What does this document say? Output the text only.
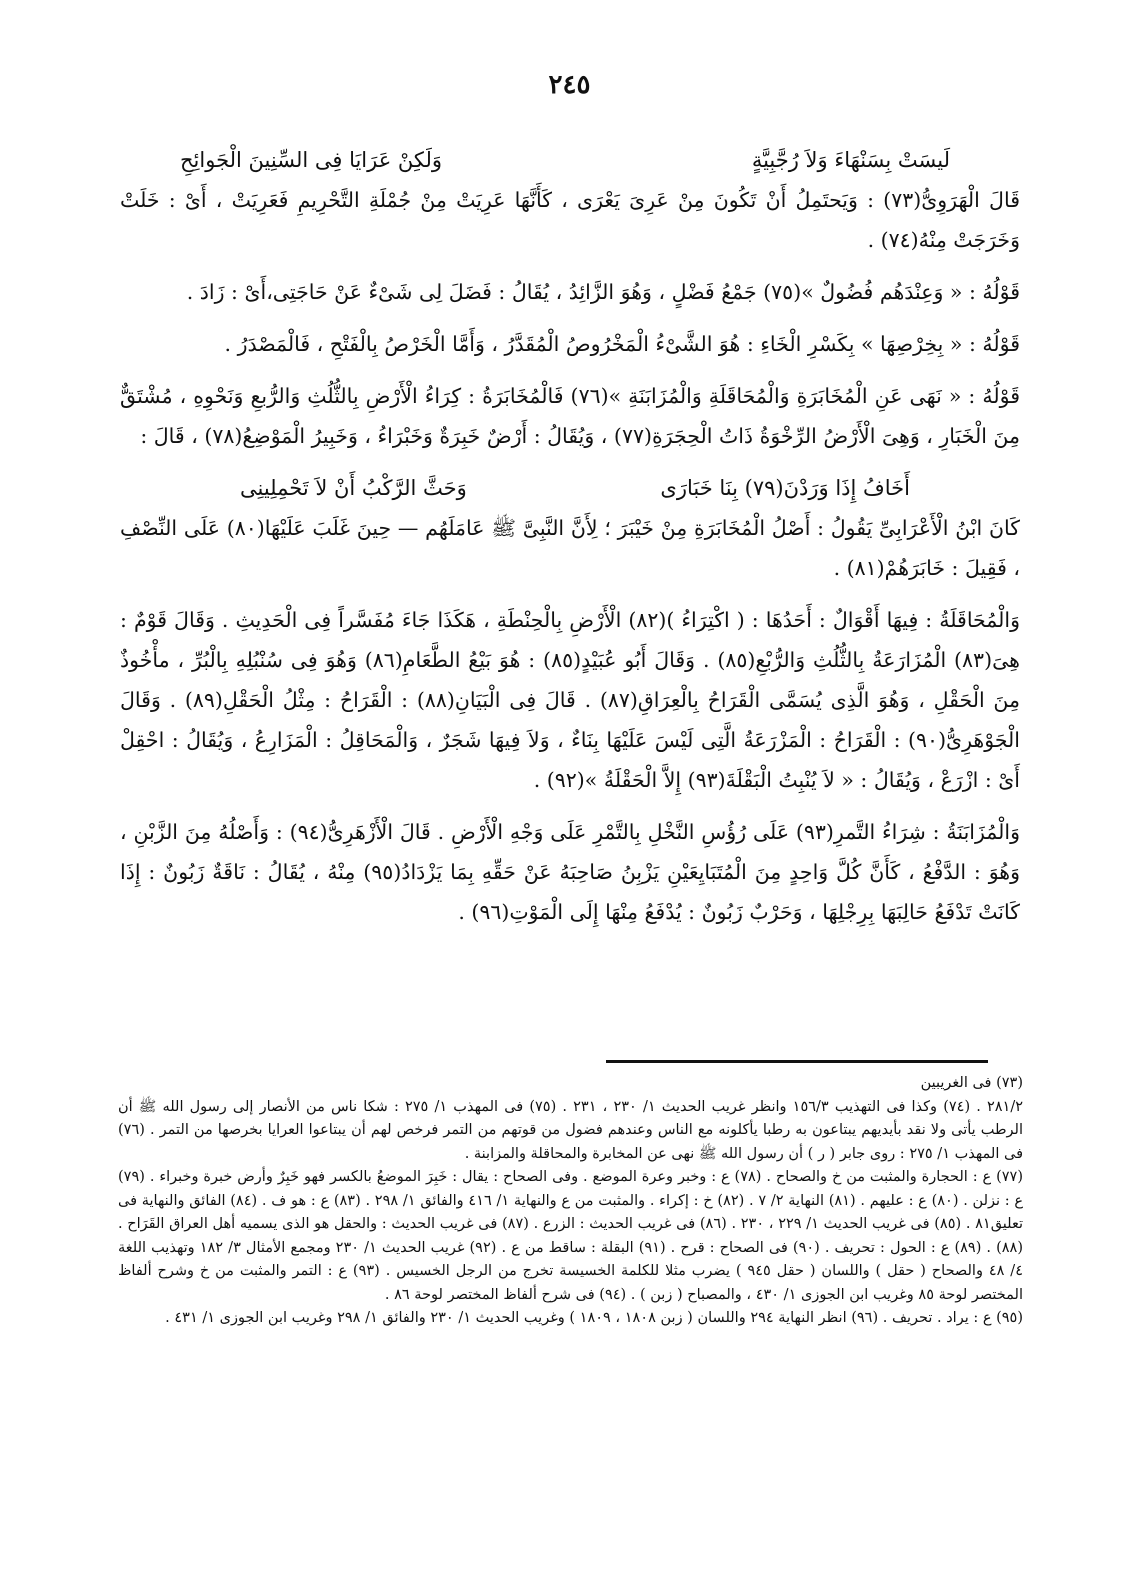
٢٤٥
لَيسَتْ بِسَنْهَاءَ وَلاَ رُجَّبِيَّةٍ
وَلَكِنْ عَرَايَا فِى السِّنِينَ الْجَوائِحِ

قَالَ الْهَرَوِىُّ(٧٣) : وَيَحتَمِلُ أَنْ تَكُونَ مِنْ عَرِىَ يَعْرَى ، كَأَنَّهَا عَرِيَتْ مِنْ جُمْلَةِ التَّحْرِيمِ فَعَرِيَتْ ، أَىْ : خَلَتْ وَخَرَجَتْ مِنْهُ(٧٤) .

قَوْلُهُ : « وَعِنْدَهُم فُضُولٌ »(٧٥) جَمْعُ فَضْلٍ ، وَهُوَ الزَّائِدُ ، يُقَالُ : فَضَلَ لِى شَىْءٌ عَنْ حَاجَتِى،أَىْ : زَادَ .

قَوْلُهُ : « بِخِرْصِهَا » بِكَسْرِ الْخَاءِ : هُوَ الشَّىْءُ الْمَخْرُوصُ الْمُقَدَّرُ ، وَأَمَّا الْخَرْصُ بِالْفَتْحِ ، فَالْمَصْدَرُ .

قَوْلُهُ : « نَهَى عَنِ الْمُخَابَرَةِ وَالْمُحَاقَلَةِ وَالْمُزَابَنَةِ »(٧٦) فَالْمُخَابَرَةُ : كِرَاءُ الْأَرْضِ بِالثُّلُثِ وَالرُّبعِ وَنَحْوِهِ ، مُشْتَقٌّ مِنَ الْخَبَارِ ، وَهِىَ الْأَرْضُ الرِّخْوَةُ ذَاتُ الْحِجَرَةِ(٧٧) ، وَيُقَالُ : أَرْضٌ خَبِرَةٌ وَخَبْرَاءُ ، وَخَبِيرُ الْمَوْضِعُ(٧٨) ، قَالَ :

أَخَافُ إِذَا وَرَدْنَ(٧٩) بِنَا خَبَارَى
وَحَثَّ الرَّكْبُ أَنْ لاَ تَحْمِلِينِى

كَانَ ابْنُ الْأَعْرَابِىِّ يَقُولُ : أَصْلُ الْمُخَابَرَةِ مِنْ خَيْبَرَ ؛ لِأَنَّ النَّبِىَّ ﷺ عَامَلَهُم — حِينَ غَلَبَ عَلَيْهَا(٨٠) عَلَى النِّصْفِ ، فَقِيلَ : خَابَرَهُمْ(٨١) .

وَالْمُحَاقَلَةُ : فِيهَا أَقْوَالٌ : أَحَدُهَا : ( اكْتِرَاءُ )(٨٢) الْأَرْضِ بِالْحِنْطَةِ ، هَكَذَا جَاءَ مُفَسَّراً فِى الْحَدِيثِ . وَقَالَ قَوْمٌ : هِىَ(٨٣) الْمُزَارَعَةُ بِالثُّلُثِ وَالرُّبْعِ(٨٥) . وَقَالَ أَبُو عُبَيْدٍ(٨٥) : هُوَ بَيْعُ الطَّعَامِ(٨٦) وَهُوَ فِى سُنْبُلِهِ بِالْبُرِّ ، مأْخُوذٌ مِنَ الْحَقْلِ ، وَهُوَ الَّذِى يُسَمَّى الْقَرَاحُ بِالْعِرَاقِ(٨٧) . قَالَ فِى الْبَيَانِ(٨٨) : الْقَرَاحُ : مِثْلُ الْحَقْلِ(٨٩) . وَقَالَ الْجَوْهَرِىُّ(٩٠) : الْقَرَاحُ : الْمَزْرَعَةُ الَّتِى لَيْسَ عَلَيْهَا بِنَاءٌ ، وَلاَ فِيهَا شَجَرٌ ، وَالْمَحَاقِلُ : الْمَزَارِعُ ، وَيُقَالُ : احْقِلْ أَىْ : ازْرَعْ ، وَيُقَالُ : « لاَ يُنْبِتُ الْبَقْلَةَ(٩٣) إِلاَّ الْحَقْلَةُ »(٩٢) .

وَالْمُزَابَنَةُ : شِرَاءُ التَّمرِ(٩٣) عَلَى رُؤُسِ النَّخْلِ بِالتَّمْرِ عَلَى وَجْهِ الْأَرْضِ . قَالَ الْأَزْهَرِىُّ(٩٤) : وَأَصْلُهُ مِنَ الزَّبْنِ ، وَهُوَ : الدَّفْعُ ، كَأَنَّ كُلَّ وَاحِدٍ مِنَ الْمُتَبَايِعَيْنِ يَزْبِنُ صَاحِبَهُ عَنْ حَقِّهِ بِمَا يَزْدَادُ(٩٥) مِنْهُ ، يُقَالُ : نَاقَةٌ زَبُونٌ : إِذَا كَانَتْ تَدْفَعُ حَالِبَهَا بِرِجْلِهَا ، وَحَرْبٌ زَبُونٌ : يُدْفَعُ مِنْهَا إِلَى الْمَوْتِ(٩٦) .

(٧٣) فى الغريبين

٢٨١/٢ . (٧٤) وكذا فى التهذيب ١٥٦/٣ وانظر غريب الحديث ١/ ٢٣٠ ، ٢٣١ . (٧٥) فى المهذب ١/ ٢٧٥ : شكا ناس من الأنصار إلى رسول الله ﷺ أن الرطب يأتى ولا نقد بأيديهم يبتاعون به رطبا يأكلونه مع الناس وعندهم فضول من قوتهم من التمر فرخص لهم أن يبتاعوا العرايا بخرصها من التمر . (٧٦) فى المهذب ١/ ٢٧٥ : روى جابر ( ر ) أن رسول الله ﷺ نهى عن المخابرة والمحاقلة والمزابنة .

(٧٧) ع : الحجارة والمثبت من خ والصحاح . (٧٨) ع : وخبر وعرة الموضع . وفى الصحاح : يقال : خَبِرَ الموضعُ بالكسر فهو خَبِرٌ وأرض خبرة وخبراء . (٧٩) ع : نزلن . (٨٠) ع : عليهم . (٨١) النهاية ٢/ ٧ . (٨٢) خ : إكراء . والمثبت من ع والنهاية ١/ ٤١٦ والفائق ١/ ٢٩٨ . (٨٣) ع : هو ف . (٨٤) الفائق والنهاية فى تعليق٨١ . (٨٥) فى غريب الحديث ١/ ٢٢٩ ، ٢٣٠ . (٨٦) فى غريب الحديث : الزرع . (٨٧) فى غريب الحديث : والحقل هو الذى يسميه أهل العراق القَرَاح . (٨٨) . (٨٩) ع : الحول : تحريف . (٩٠) فى الصحاح : قرح . (٩١) البقلة : ساقط من ع . (٩٢) غريب الحديث ١/ ٢٣٠ ومجمع الأمثال ٣/ ١٨٢ وتهذيب اللغة ٤/ ٤٨ والصحاح ( حقل ) واللسان ( حقل ٩٤٥ ) يضرب مثلا للكلمة الخسيسة تخرج من الرجل الخسيس . (٩٣) ع : التمر والمثبت من خ وشرح ألفاظ المختصر لوحة ٨٥ وغريب ابن الجوزى ١/ ٤٣٠ ، والمصباح ( زبن ) . (٩٤) فى شرح ألفاظ المختصر لوحة ٨٦ .

(٩٥) ع : يراد . تحريف . (٩٦) انظر النهاية ٢٩٤ واللسان ( زبن ١٨٠٨ ، ١٨٠٩ ) وغريب الحديث ١/ ٢٣٠ والفائق ١/ ٢٩٨ وغريب ابن الجوزى ١/ ٤٣١ .
